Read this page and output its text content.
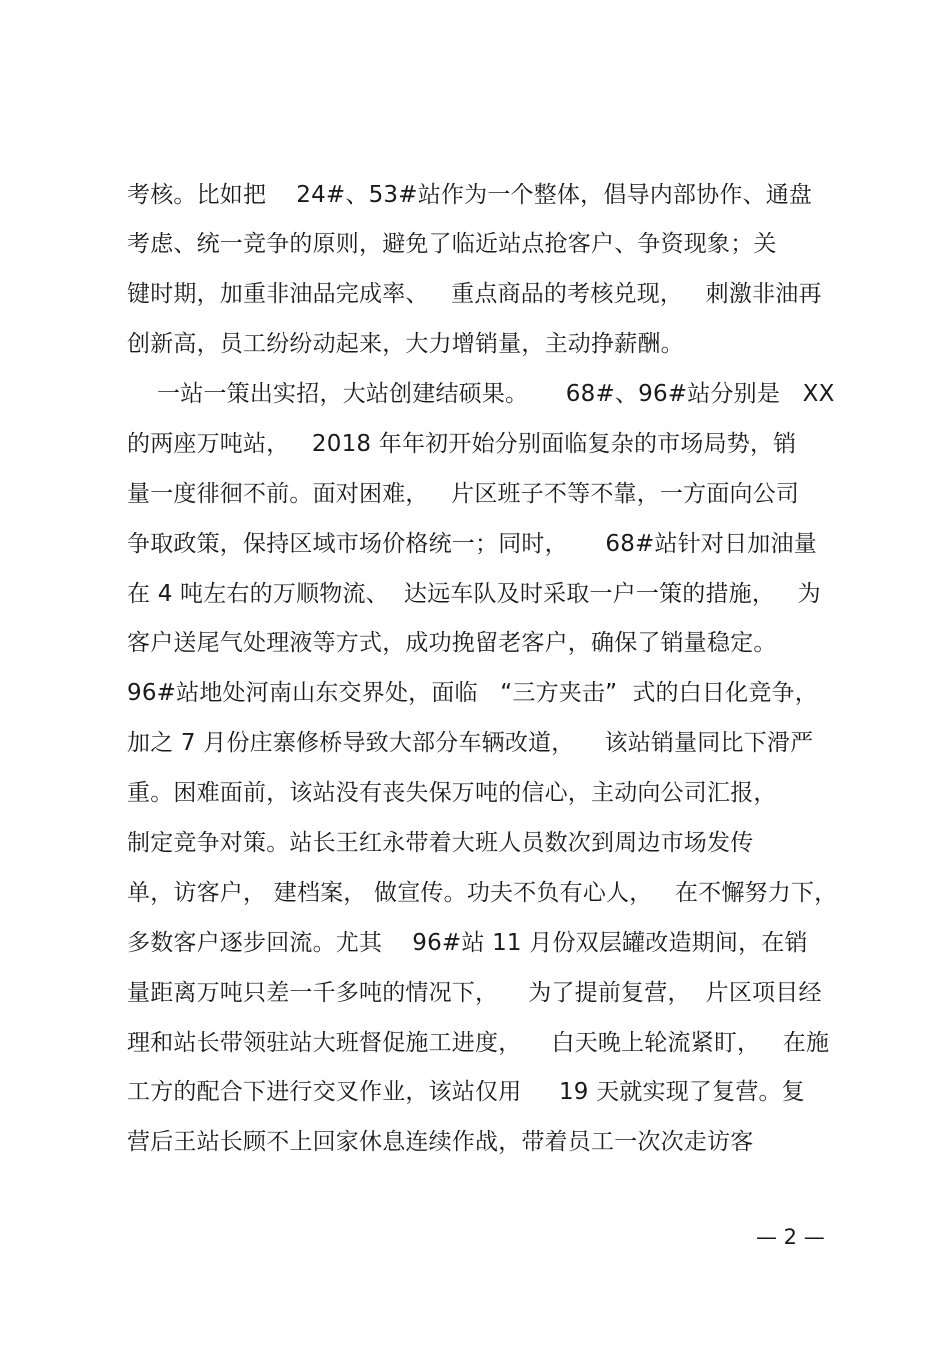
考核。比如把    24#、53#站作为一个整体，倡导内部协作、通盘
考虑、统一竞争的原则，避免了临近站点抢客户、争资现象；关
键时期，加重非油品完成率、   重点商品的考核兑现，   刺激非油再
创新高，员工纷纷动起来，大力增销量，主动挣薪酬。
一站一策出实招，大站创建结硕果。     68#、96#站分别是   XX
的两座万吨站，   2018 年年初开始分别面临复杂的市场局势，销
量一度徘徊不前。面对困难，   片区班子不等不靠，一方面向公司
争取政策，保持区域市场价格统一；同时，     68#站针对日加油量
在 4 吨左右的万顺物流、  达远车队及时采取一户一策的措施，   为
客户送尾气处理液等方式，成功挽留老客户，确保了销量稳定。
96#站地处河南山东交界处，面临   “三方夹击”  式的白日化竞争，
加之 7 月份庄寨修桥导致大部分车辆改道，    该站销量同比下滑严
重。困难面前，该站没有丧失保万吨的信心，主动向公司汇报，
制定竞争对策。站长王红永带着大班人员数次到周边市场发传
单，访客户， 建档案， 做宣传。功夫不负有心人，   在不懈努力下，
多数客户逐步回流。尤其    96#站 11 月份双层罐改造期间，在销
量距离万吨只差一千多吨的情况下，    为了提前复营，  片区项目经
理和站长带领驻站大班督促施工进度，    白天晚上轮流紧盯，   在施
工方的配合下进行交叉作业，该站仅用     19 天就实现了复营。复
营后王站长顾不上回家休息连续作战，带着员工一次次走访客
— 2 —
